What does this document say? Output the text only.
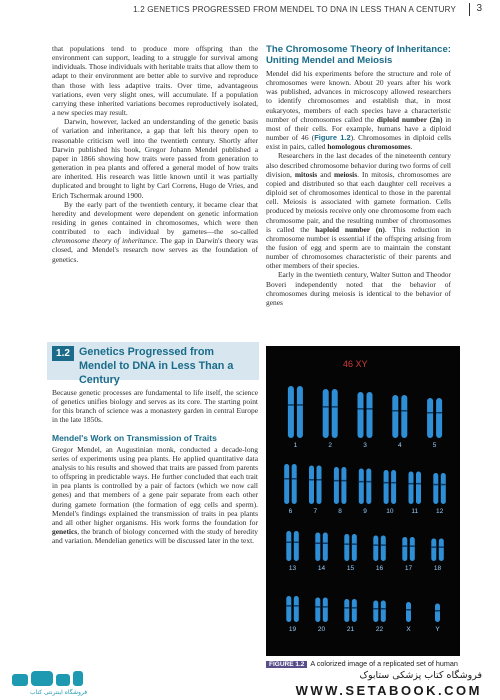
1.2 GENETICS PROGRESSED FROM MENDEL TO DNA IN LESS THAN A CENTURY 3

that populations tend to produce more offspring than the environment can support, leading to a struggle for survival among individuals. Those individuals with heritable traits that allow them to adapt to their environment are better able to survive and reproduce than those with less adaptive traits. Over time, advantageous variations, even very slight ones, will accumulate. If a population carrying these inherited variations becomes reproductively isolated, a new species may result.

Darwin, however, lacked an understanding of the genetic basis of variation and inheritance, a gap that left his theory open to reasonable criticism well into the twentieth century. Shortly after Darwin published his book, Gregor Johann Mendel published a paper in 1866 showing how traits were passed from generation to generation in pea plants and offered a general model of how traits are inherited. His research was little known until it was partially duplicated and brought to light by Carl Correns, Hugo de Vries, and Erich Tschermak around 1900.

By the early part of the twentieth century, it became clear that heredity and development were dependent on genetic information residing in genes contained in chromosomes, which were then contributed to each individual by gametes—the so-called chromosome theory of inheritance. The gap in Darwin's theory was closed, and Mendel's research now serves as the foundation of genetics.

1.2 Genetics Progressed from Mendel to DNA in Less Than a Century

Because genetic processes are fundamental to life itself, the science of genetics unifies biology and serves as its core. The starting point for this branch of science was a monastery garden in central Europe in the late 1850s.

Mendel's Work on Transmission of Traits

Gregor Mendel, an Augustinian monk, conducted a decade-long series of experiments using pea plants. He applied quantitative data analysis to his results and showed that traits are passed from parents to offspring in predictable ways. He further concluded that each trait in pea plants is controlled by a pair of factors (which we now call genes) and that members of a gene pair separate from each other during gamete formation (the formation of egg cells and sperm). Mendel's findings explained the transmission of traits in pea plants and all other higher organisms. His work forms the foundation for genetics, the branch of biology concerned with the study of heredity and variation. Mendelian genetics will be discussed later in the text.

The Chromosome Theory of Inheritance: Uniting Mendel and Meiosis

Mendel did his experiments before the structure and role of chromosomes were known. About 20 years after his work was published, advances in microscopy allowed researchers to identify chromosomes and establish that, in most eukaryotes, members of each species have a characteristic number of chromosomes called the diploid number (2n) in most of their cells. For example, humans have a diploid number of 46 (Figure 1.2). Chromosomes in diploid cells exist in pairs, called homologous chromosomes.

Researchers in the last decades of the nineteenth century also described chromosome behavior during two forms of cell division, mitosis and meiosis. In mitosis, chromosomes are copied and distributed so that each daughter cell receives a diploid set of chromosomes identical to those in the parental cell. Meiosis is associated with gamete formation. Cells produced by meiosis receive only one chromosome from each chromosome pair, and the resulting number of chromosomes is called the haploid number (n). This reduction in chromosome number is essential if the offspring arising from the fusion of egg and sperm are to maintain the constant number of chromosomes characteristic of their parents and other members of their species.

Early in the twentieth century, Walter Sutton and Theodor Boveri independently noted that the behavior of chromosomes during meiosis is identical to the behavior of genes

46 XY
1	2	3	4	5
6	7	8	9	10	11	12
13	14	15	16	17	18
19	20	21	22	X	Y
FIGURE 1.2 A colorized image of a replicated set of human
فروشگاه اینترنتی کتاب
فروشگاه کتاب پزشکی ستابوک
WWW.SETABOOK.COM
